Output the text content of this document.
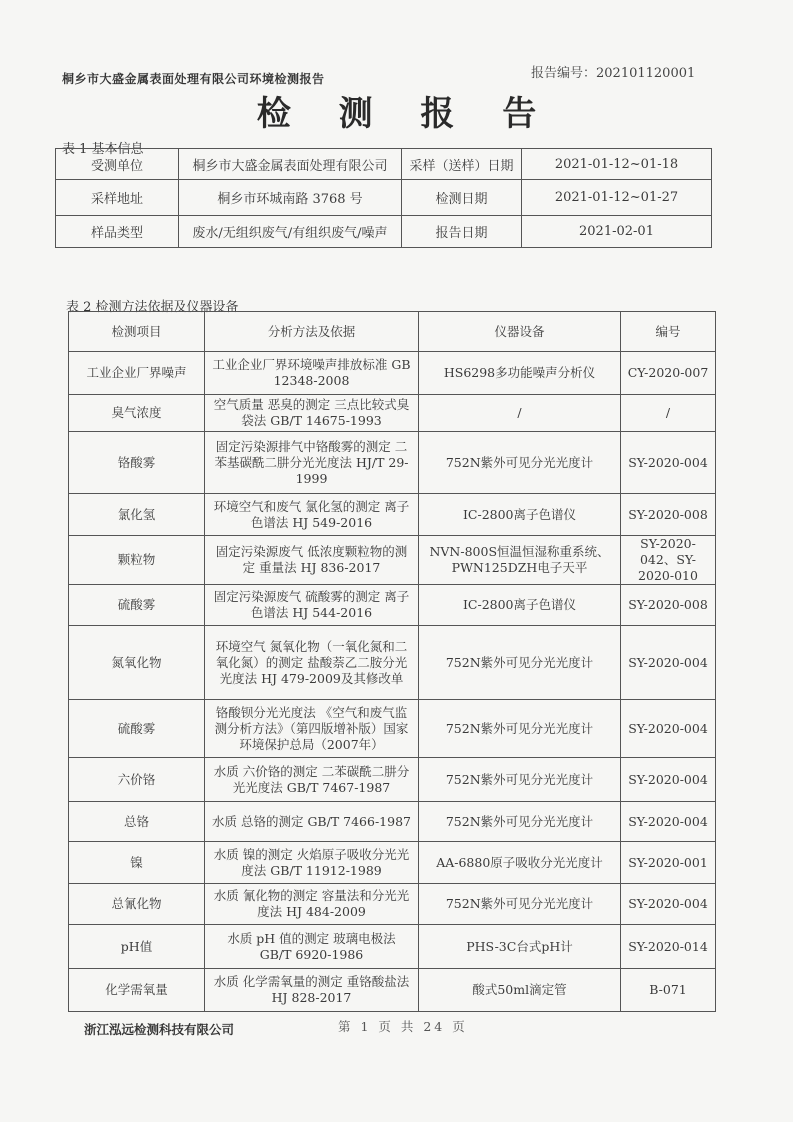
桐乡市大盛金属表面处理有限公司环境检测报告	报告编号：202101120001
检 测 报 告
表 1 基本信息
受测单位	桐乡市大盛金属表面处理有限公司	采样（送样）日期	2021-01-12~01-18
采样地址	桐乡市环城南路 3768 号	检测日期	2021-01-12~01-27
样品类型	废水/无组织废气/有组织废气/噪声	报告日期	2021-02-01
表 2 检测方法依据及仪器设备
检测项目	分析方法及依据	仪器设备	编号
工业企业厂界噪声	工业企业厂界环境噪声排放标准 GB 12348-2008	HS6298多功能噪声分析仪	CY-2020-007
臭气浓度	空气质量 恶臭的测定 三点比较式臭袋法 GB/T 14675-1993	/	/
铬酸雾	固定污染源排气中铬酸雾的测定 二苯基碳酰二肼分光光度法 HJ/T 29-1999	752N紫外可见分光光度计	SY-2020-004
氯化氢	环境空气和废气 氯化氢的测定 离子色谱法 HJ 549-2016	IC-2800离子色谱仪	SY-2020-008
颗粒物	固定污染源废气 低浓度颗粒物的测定 重量法 HJ 836-2017	NVN-800S恒温恒湿称重系统、PWN125DZH电子天平	SY-2020-042、SY-2020-010
硫酸雾	固定污染源废气 硫酸雾的测定 离子色谱法 HJ 544-2016	IC-2800离子色谱仪	SY-2020-008
氮氧化物	环境空气 氮氧化物（一氧化氮和二氧化氮）的测定 盐酸萘乙二胺分光光度法 HJ 479-2009及其修改单	752N紫外可见分光光度计	SY-2020-004
硫酸雾	铬酸钡分光光度法 《空气和废气监测分析方法》（第四版增补版）国家环境保护总局（2007年）	752N紫外可见分光光度计	SY-2020-004
六价铬	水质 六价铬的测定 二苯碳酰二肼分光光度法 GB/T 7467-1987	752N紫外可见分光光度计	SY-2020-004
总铬	水质 总铬的测定 GB/T 7466-1987	752N紫外可见分光光度计	SY-2020-004
镍	水质 镍的测定 火焰原子吸收分光光度法 GB/T 11912-1989	AA-6880原子吸收分光光度计	SY-2020-001
总氰化物	水质 氰化物的测定 容量法和分光光度法 HJ 484-2009	752N紫外可见分光光度计	SY-2020-004
pH值	水质 pH 值的测定 玻璃电极法 GB/T 6920-1986	PHS-3C台式pH计	SY-2020-014
化学需氧量	水质 化学需氧量的测定 重铬酸盐法 HJ 828-2017	酸式50ml滴定管	B-071
浙江泓远检测科技有限公司	第 1 页 共 24 页
